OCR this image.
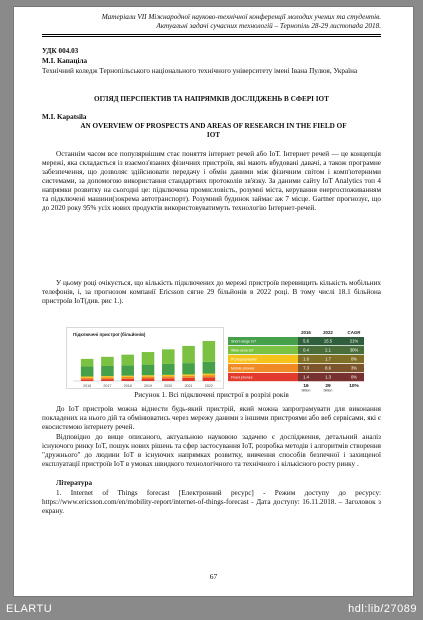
Матеріали VII Міжнародної науково-технічної конференції молодих учених та студентів.
Актуальні задачі сучасних технологій – Тернопіль 28-29 листопада 2018.
УДК 004.03
М.І. Капаціла
Технічний коледж Тернопільського національного технічного університету імені Івана Пулюя, Україна
ОГЛЯД ПЕРСПЕКТИВ ТА НАПРЯМКІВ ДОСЛІДЖЕНЬ В СФЕРІ IOT
M.I. Kapatsila
AN OVERVIEW OF PROSPECTS AND AREAS OF RESEARCH IN THE FIELD OF IOT
Останнім часом все популярнішим стає поняття інтернет речей або IoT. Інтернет речей — це концепція мережі, яка складається із взаємоз'язаних фізичних пристроїв, які мають вбудовані давачі, а також програмне забезпечення, що дозволяє здійснювати передачу і обмін даними між фізичним світом і комп'ютерними системами, за допомогою використання стандартних протоколів зв'язку. За даними сайту IoT Analytics топ 4 напрямки розвитку на сьогодні це: підключена промисловість, розумні міста, керування енергоспоживанням та підключені машини(зокрема автотранспорт). Розумний будинок займає аж 7 місце. Gartner прогнозує, що до 2020 року 95% усіх нових продуктів використовуватимуть технологію Інтернет-речей.
У цьому році очікується, що кількість підключених до мережі пристроїв перевищить кількість мобільних телефонів, і, за прогнозом компанії Ericsson сягне 29 більйонів в 2022 році. В тому числі 18.1 більйона пристроїв IoT(див. рис 1.).
Підключені пристрої (більйонів)
2016	2017	2018	2019	2020	2021	2022
2016	2022	CAGR
Short-range IoT	5.6	15.5	21%
Wide-area IoT	0.4	2.1	30%
PC/laptop/tablet	1.6	1.7	0%
Mobile phones	7.3	8.6	3%
Fixed phones	1.4	1.3	0%
16	29	10%
billion	billion
Рисунок 1. Всі підключені пристрої в розрізі років
До IoT пристроїв можна віднести будь-який пристрій, який можна запрограмувати для виконання покладених на нього дій та обмінюватись через мережу даними з іншими пристроями або веб сервісами, які є екосистемою інтернету речей.
Відповідно до вище описаного, актуальною науковою задачею є дослідження, детальний аналіз існуючого ринку IoT, пошук нових рішень та сфер застосування IoT, розробка методів і алгоритмів створення "дружнього" до людини IoT в існуючих напрямках розвитку, вивчення способів безпечної і захищеної експлуатації пристроїв IoT в умовах швидкого технологічного та технічного і кількісного росту ринку .
Література
1. Internet of Things forecast [Електронний ресурс] - Режим доступу до ресурсу: https://www.ericsson.com/en/mobility-report/internet-of-things-forecast - Дата доступу: 16.11.2018. – Заголовок з екрану.
67
ELARTU	hdl:lib/27089
